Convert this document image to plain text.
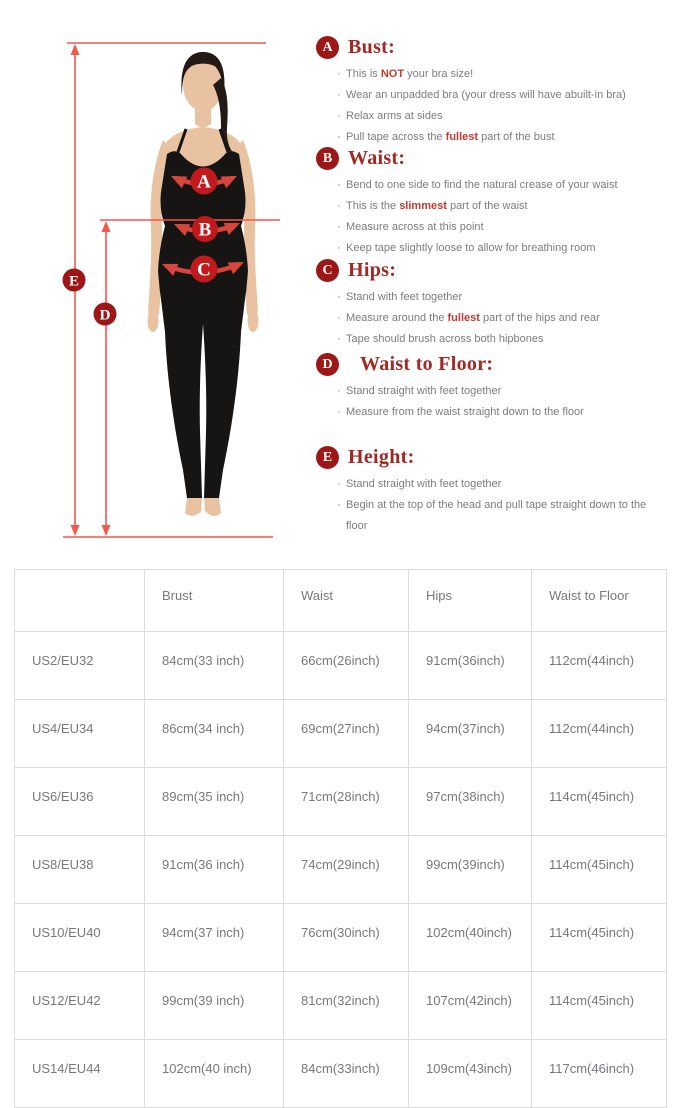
A
B
C
D
E
A Bust:
· This is NOT your bra size!
· Wear an unpadded bra (your dress will have abuilt-in bra)
· Relax arms at sides
· Pull tape across the fullest part of the bust
B Waist:
· Bend to one side to find the natural crease of your waist
· This is the slimmest part of the waist
· Measure across at this point
· Keep tape slightly loose to allow for breathing room
C Hips:
· Stand with feet together
· Measure around the fullest part of the hips and rear
· Tape should brush across both hipbones
D	Waist to Floor:
· Stand straight with feet together
· Measure from the waist straight down to the floor
E Height:
· Stand straight with feet together
· Begin at the top of the head and pull tape straight down to the floor
	Brust	Waist	Hips	Waist to Floor
US2/EU32	84cm(33 inch)	66cm(26inch)	91cm(36inch)	112cm(44inch)
US4/EU34	86cm(34 inch)	69cm(27inch)	94cm(37inch)	112cm(44inch)
US6/EU36	89cm(35 inch)	71cm(28inch)	97cm(38inch)	114cm(45inch)
US8/EU38	91cm(36 inch)	74cm(29inch)	99cm(39inch)	114cm(45inch)
US10/EU40	94cm(37 inch)	76cm(30inch)	102cm(40inch)	114cm(45inch)
US12/EU42	99cm(39 inch)	81cm(32inch)	107cm(42inch)	114cm(45inch)
US14/EU44	102cm(40 inch)	84cm(33inch)	109cm(43inch)	117cm(46inch)
